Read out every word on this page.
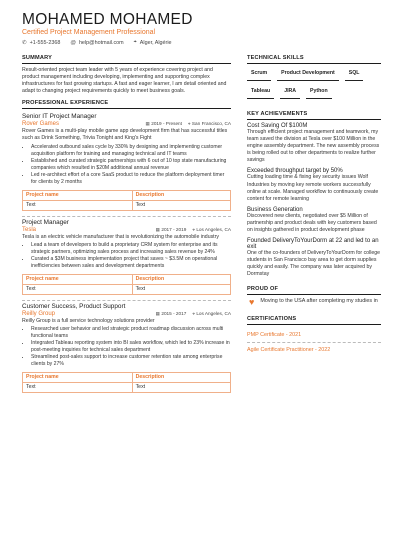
MOHAMED MOHAMED
Certified Project Management Professional
✆ +1-555-2368 @ help@hotmail.com ⌖ Alger, Algérie
SUMMARY
Result-oriented project team leader with 5 years of experience covering project and product management including developing, implementing and supporting complex infrastructures for fast growing startups. A fast and eager learner, I am detail oriented and adapt to changing project requirements quickly to meet business goals.
PROFESSIONAL EXPERIENCE
Senior IT Project Manager
Rover Games	▦ 2019 - Present ⌖ San Francisco, CA
Rover Games is a multi-play mobile game app development firm that has successful titles such as Drink Something, Trivia Tonight and King's Fight
• Accelerated outbound sales cycle by 330% by designing and implementing customer acquisition platform for training and managing technical and IT teams
• Established and curated strategic partnerships with 6 out of 10 top state manufacturing companies which resulted in $20M additional annual revenue
• Led re-architect effort of a core SaaS product to reduce the platform deployment timer for clients by 2 months
Project name	Description
Text	Text
Project Manager
Tesla	▦ 2017 - 2019 ⌖ Los Angeles, CA
Tesla is an electric vehicle manufacturer that is revolutionizing the automobile industry
• Lead a team of developers to build a proprietary CRM system for enterprise and its strategic partners, optimizing sales process and increasing sales revenue by 24%
• Curated a $3M business implementation project that saves ~ $3.5M on operational inefficiencies between sales and development departments
Project name	Description
Text	Text
Customer Success, Product Support
Reilly Group	▦ 2015 - 2017 ⌖ Los Angeles, CA
Reilly Group is a full service technology solutions provider
• Researched user behavior and led strategic product roadmap discussion across multi functional teams
• Integrated Tableau reporting system into BI sales workflow, which led to 23% increase in post-meeting inquiries for technical sales department
• Streamlined post-sales support to increase customer retention rate among enterprise clients by 27%
Project name	Description
Text	Text
TECHNICAL SKILLS
Scrum	Product Development	SQL
Tableau	JIRA	Python
KEY ACHIEVEMENTS
Cost Saving Of $100M
Through efficient project management and teamwork, my team saved the division at Tesla over $100 Million in the engine assembly department. The new assembly process is being rolled out to other departments to realize further savings
Exceeded throughput target by 50%
Cutting loading time & fixing key security issues Wolf Industries by moving key remote workers successfully online at scale. Managed workflow to continuously create content for remote learning
Business Generation
Discovered new clients, negotiated over $5 Million of partnership and product deals with key customers based on insights gathered in product development phase
Founded DeliveryToYourDorm at 22 and led to an exit
One of the co-founders of DeliveryToYourDorm for college students in San Francisco bay area to get dorm supplies quickly and easily. The company was later acquired by Dormstay
PROUD OF
♥ Moving to the USA after completing my studies in
CERTIFICATIONS
PMP Certificate - 2021
Agile Certificate Practitioner - 2022
